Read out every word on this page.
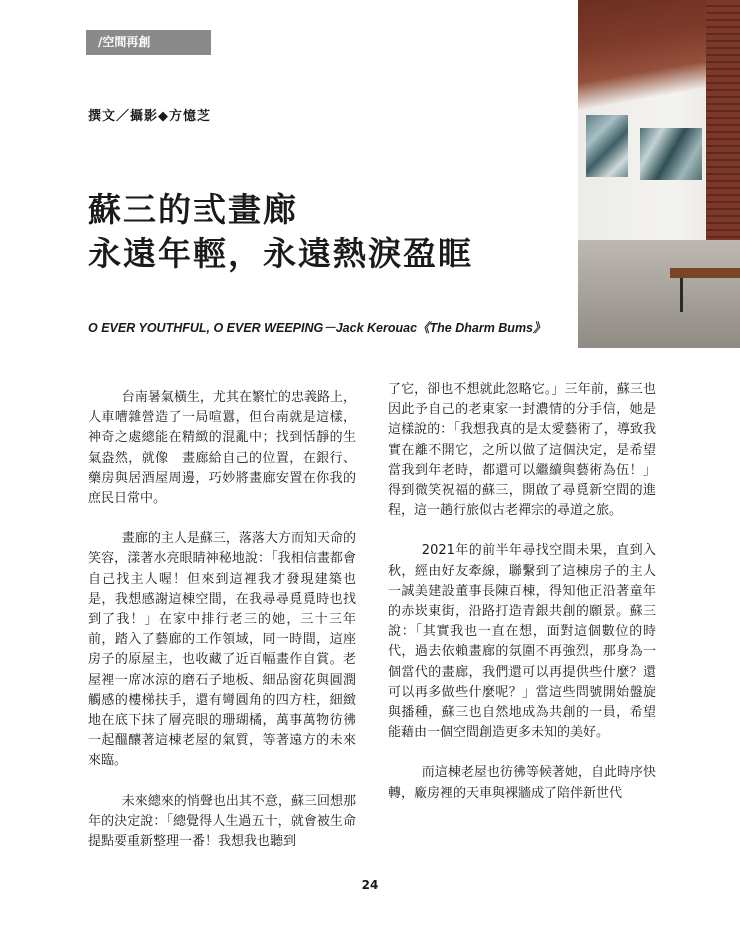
/空間再創
撰文／攝影◆方憶芝
蘇三的弎畫廊
永遠年輕，永遠熱淚盈眶
O EVER YOUTHFUL, O EVER WEEPING－Jack Kerouac《The Dharm Bums》

台南暑氣橫生，尤其在繁忙的忠義路上，人車嘈雜營造了一局喧囂，但台南就是這樣，神奇之處總能在精緻的混亂中；找到恬靜的生氣盎然，就像　畫廊給自己的位置，在銀行、藥房與居酒屋周邊，巧妙將畫廊安置在你我的庶民日常中。

畫廊的主人是蘇三，落落大方而知天命的笑容，漾著水亮眼睛神秘地說：「我相信畫都會自己找主人喔！但來到這裡我才發現建築也是，我想感謝這棟空間，在我尋尋覓覓時也找到了我！」在家中排行老三的她，三十三年前，踏入了藝廊的工作領域，同一時間，這座房子的原屋主，也收藏了近百幅畫作自賞。老屋裡一席冰涼的磨石子地板、細品窗花與圓潤觸感的樓梯扶手，還有彎圓角的四方柱，細緻地在底下抹了層亮眼的珊瑚橘，萬事萬物彷彿一起醞釀著這棟老屋的氣質，等著遠方的未來來臨。

未來總來的悄聲也出其不意，蘇三回想那年的決定說：「總覺得人生過五十，就會被生命提點要重新整理一番！我想我也聽到

了它，卻也不想就此忽略它。」三年前，蘇三也因此予自己的老東家一封濃情的分手信，她是這樣說的：「我想我真的是太愛藝術了，導致我實在離不開它，之所以做了這個決定，是希望當我到年老時，都還可以繼續與藝術為伍！」得到微笑祝福的蘇三，開啟了尋覓新空間的進程，這一趟行旅似古老禪宗的尋道之旅。

2021年的前半年尋找空間未果，直到入秋，經由好友牽線，聯繫到了這棟房子的主人一誠美建設董事長陳百棟，得知他正沿著童年的赤崁東街，沿路打造青銀共創的願景。蘇三說：「其實我也一直在想，面對這個數位的時代，過去依賴畫廊的氛圍不再強烈，那身為一個當代的畫廊，我們還可以再提供些什麼？還可以再多做些什麼呢？」當這些問號開始盤旋與播種，蘇三也自然地成為共創的一員，希望能藉由一個空間創造更多未知的美好。

而這棟老屋也彷彿等候著她，自此時序快轉，廠房裡的天車與裸牆成了陪伴新世代

24
